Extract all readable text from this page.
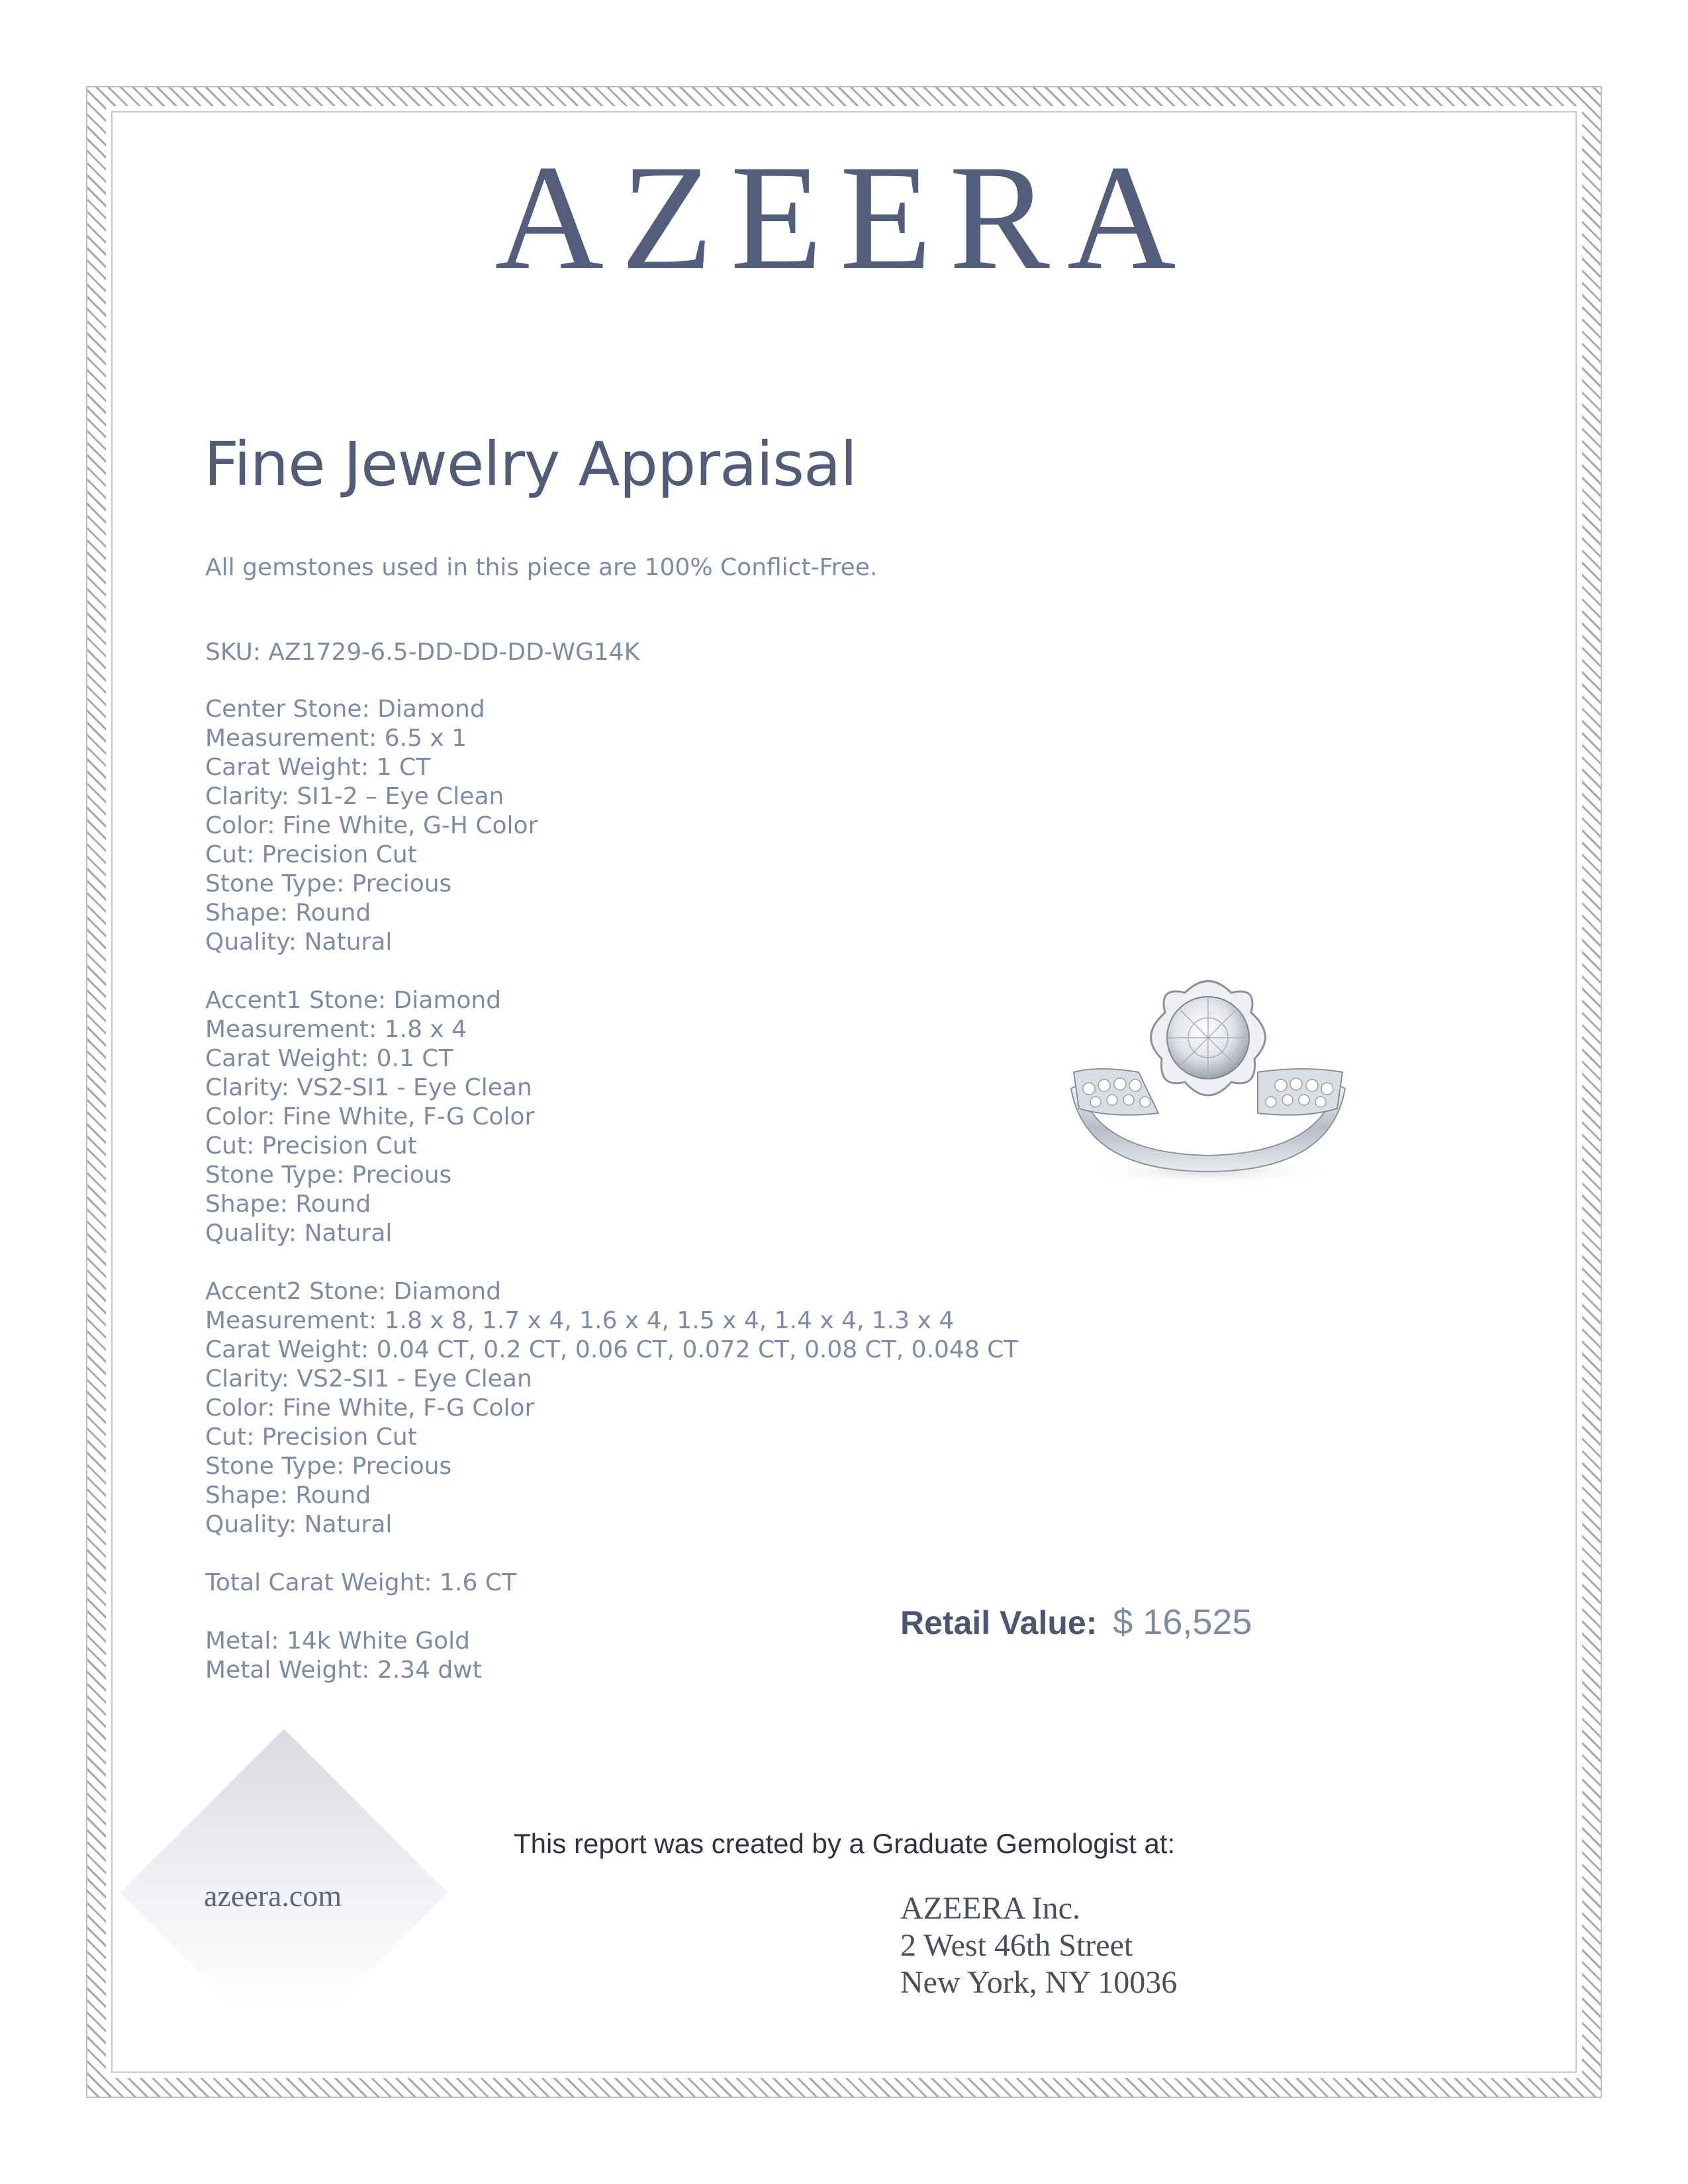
AZEERA
Fine Jewelry Appraisal
All gemstones used in this piece are 100% Conflict-Free.
SKU: AZ1729-6.5-DD-DD-DD-WG14K
Center Stone: Diamond
Measurement: 6.5 x 1
Carat Weight: 1 CT
Clarity: SI1-2 – Eye Clean
Color: Fine White, G-H Color
Cut: Precision Cut
Stone Type: Precious
Shape: Round
Quality: Natural
Accent1 Stone: Diamond
Measurement: 1.8 x 4
Carat Weight: 0.1 CT
Clarity: VS2-SI1 - Eye Clean
Color: Fine White, F-G Color
Cut: Precision Cut
Stone Type: Precious
Shape: Round
Quality: Natural
Accent2 Stone: Diamond
Measurement: 1.8 x 8, 1.7 x 4, 1.6 x 4, 1.5 x 4, 1.4 x 4, 1.3 x 4
Carat Weight: 0.04 CT, 0.2 CT, 0.06 CT, 0.072 CT, 0.08 CT, 0.048 CT
Clarity: VS2-SI1 - Eye Clean
Color: Fine White, F-G Color
Cut: Precision Cut
Stone Type: Precious
Shape: Round
Quality: Natural
Total Carat Weight: 1.6 CT
Metal: 14k White Gold
Metal Weight: 2.34 dwt
Retail Value: $ 16,525
azeera.com
This report was created by a Graduate Gemologist at:
AZEERA Inc.
2 West 46th Street
New York, NY 10036
